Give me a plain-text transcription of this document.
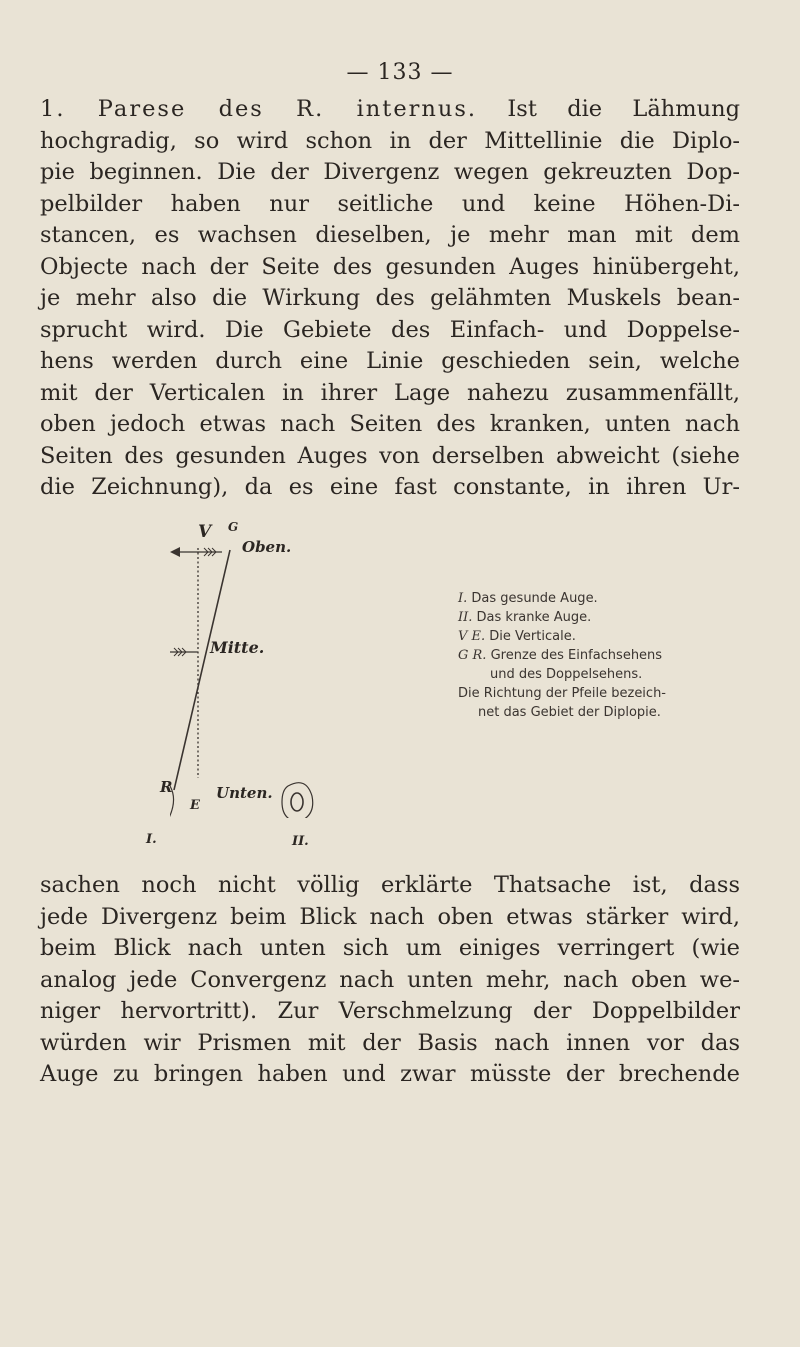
— 133 —
1. Parese des R. internus. Ist die Lähmung
hochgradig, so wird schon in der Mittellinie die Diplo-
pie beginnen. Die der Divergenz wegen gekreuzten Dop-
pelbilder haben nur seitliche und keine Höhen-Di-
stancen, es wachsen dieselben, je mehr man mit dem
Objecte nach der Seite des gesunden Auges hinübergeht,
je mehr also die Wirkung des gelähmten Muskels bean-
sprucht wird. Die Gebiete des Einfach- und Doppelse-
hens werden durch eine Linie geschieden sein, welche
mit der Verticalen in ihrer Lage nahezu zusammenfällt,
oben jedoch etwas nach Seiten des kranken, unten nach
Seiten des gesunden Auges von derselben abweicht (siehe
die Zeichnung), da es eine fast constante, in ihren Ur-
V G
Oben.
Mitte.
Unten.
R
E
I.	II.
I. Das gesunde Auge.
II. Das kranke Auge.
V E. Die Verticale.
G R. Grenze des Einfachsehens
und des Doppelsehens.
Die Richtung der Pfeile bezeich-
net das Gebiet der Diplopie.
sachen noch nicht völlig erklärte Thatsache ist, dass
jede Divergenz beim Blick nach oben etwas stärker wird,
beim Blick nach unten sich um einiges verringert (wie
analog jede Convergenz nach unten mehr, nach oben we-
niger hervortritt). Zur Verschmelzung der Doppelbilder
würden wir Prismen mit der Basis nach innen vor das
Auge zu bringen haben und zwar müsste der brechende
